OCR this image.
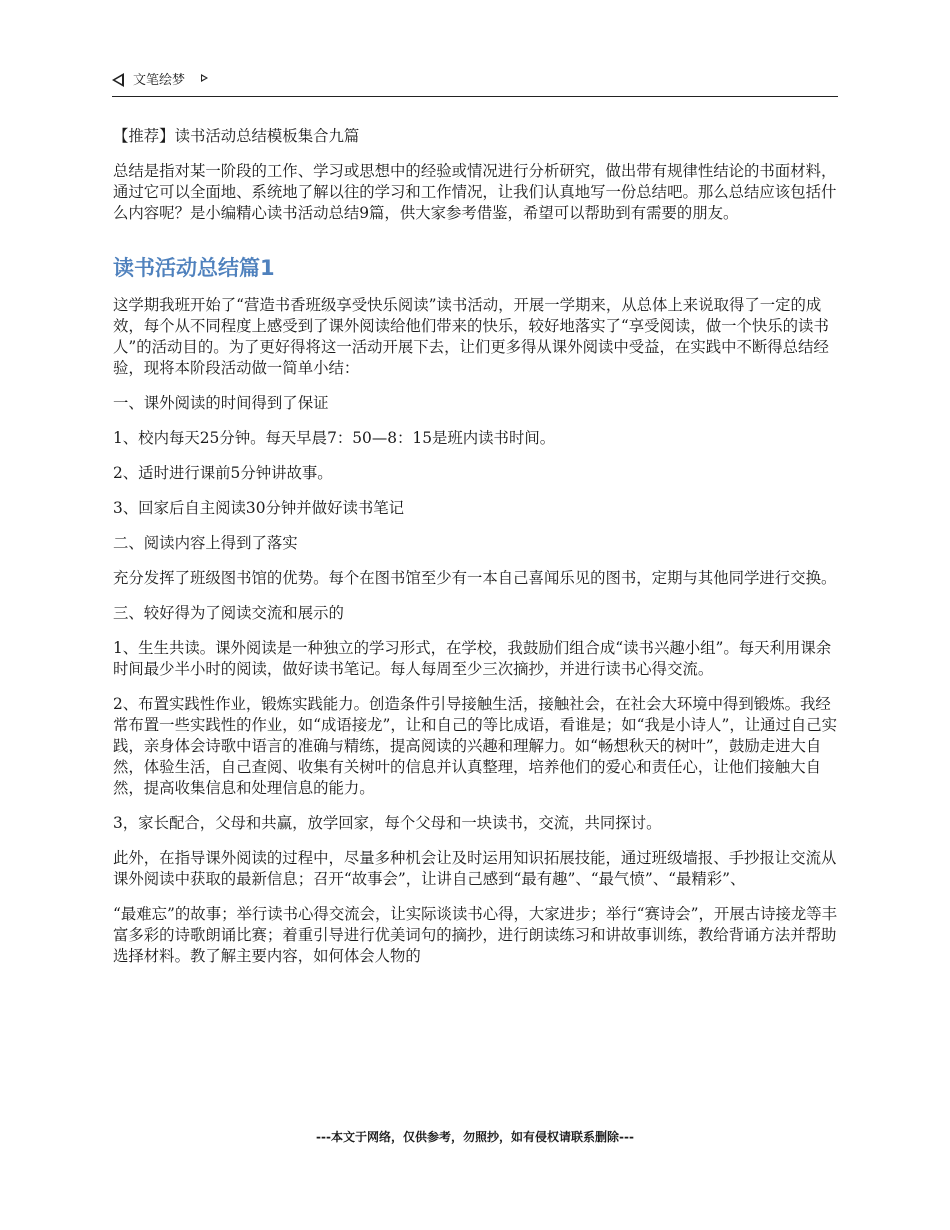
文笔绘梦

【推荐】读书活动总结模板集合九篇

总结是指对某一阶段的工作、学习或思想中的经验或情况进行分析研究，做出带有规律性结论的书面材料，通过它可以全面地、系统地了解以往的学习和工作情况，让我们认真地写一份总结吧。那么总结应该包括什么内容呢？是小编精心读书活动总结9篇，供大家参考借鉴，希望可以帮助到有需要的朋友。

读书活动总结篇1

这学期我班开始了“营造书香班级享受快乐阅读”读书活动，开展一学期来，从总体上来说取得了一定的成效，每个从不同程度上感受到了课外阅读给他们带来的快乐，较好地落实了“享受阅读，做一个快乐的读书人”的活动目的。为了更好得将这一活动开展下去，让们更多得从课外阅读中受益，在实践中不断得总结经验，现将本阶段活动做一简单小结：

一、课外阅读的时间得到了保证

1、校内每天25分钟。每天早晨7：50—8：15是班内读书时间。

2、适时进行课前5分钟讲故事。

3、回家后自主阅读30分钟并做好读书笔记

二、阅读内容上得到了落实

充分发挥了班级图书馆的优势。每个在图书馆至少有一本自己喜闻乐见的图书，定期与其他同学进行交换。

三、较好得为了阅读交流和展示的

1、生生共读。课外阅读是一种独立的学习形式，在学校，我鼓励们组合成“读书兴趣小组”。每天利用课余时间最少半小时的阅读，做好读书笔记。每人每周至少三次摘抄，并进行读书心得交流。

2、布置实践性作业，锻炼实践能力。创造条件引导接触生活，接触社会，在社会大环境中得到锻炼。我经常布置一些实践性的作业，如“成语接龙”，让和自己的等比成语，看谁是；如“我是小诗人”，让通过自己实践，亲身体会诗歌中语言的准确与精练，提高阅读的兴趣和理解力。如“畅想秋天的树叶”，鼓励走进大自然，体验生活，自己查阅、收集有关树叶的信息并认真整理，培养他们的爱心和责任心，让他们接触大自然，提高收集信息和处理信息的能力。

3，家长配合，父母和共赢，放学回家，每个父母和一块读书，交流，共同探讨。

此外，在指导课外阅读的过程中，尽量多种机会让及时运用知识拓展技能，通过班级墙报、手抄报让交流从课外阅读中获取的最新信息；召开“故事会”，让讲自己感到“最有趣”、“最气愤”、“最精彩”、

“最难忘”的故事；举行读书心得交流会，让实际谈读书心得，大家进步；举行“赛诗会”，开展古诗接龙等丰富多彩的诗歌朗诵比赛；着重引导进行优美词句的摘抄，进行朗读练习和讲故事训练，教给背诵方法并帮助选择材料。教了解主要内容，如何体会人物的

---本文于网络，仅供参考，勿照抄，如有侵权请联系删除---
